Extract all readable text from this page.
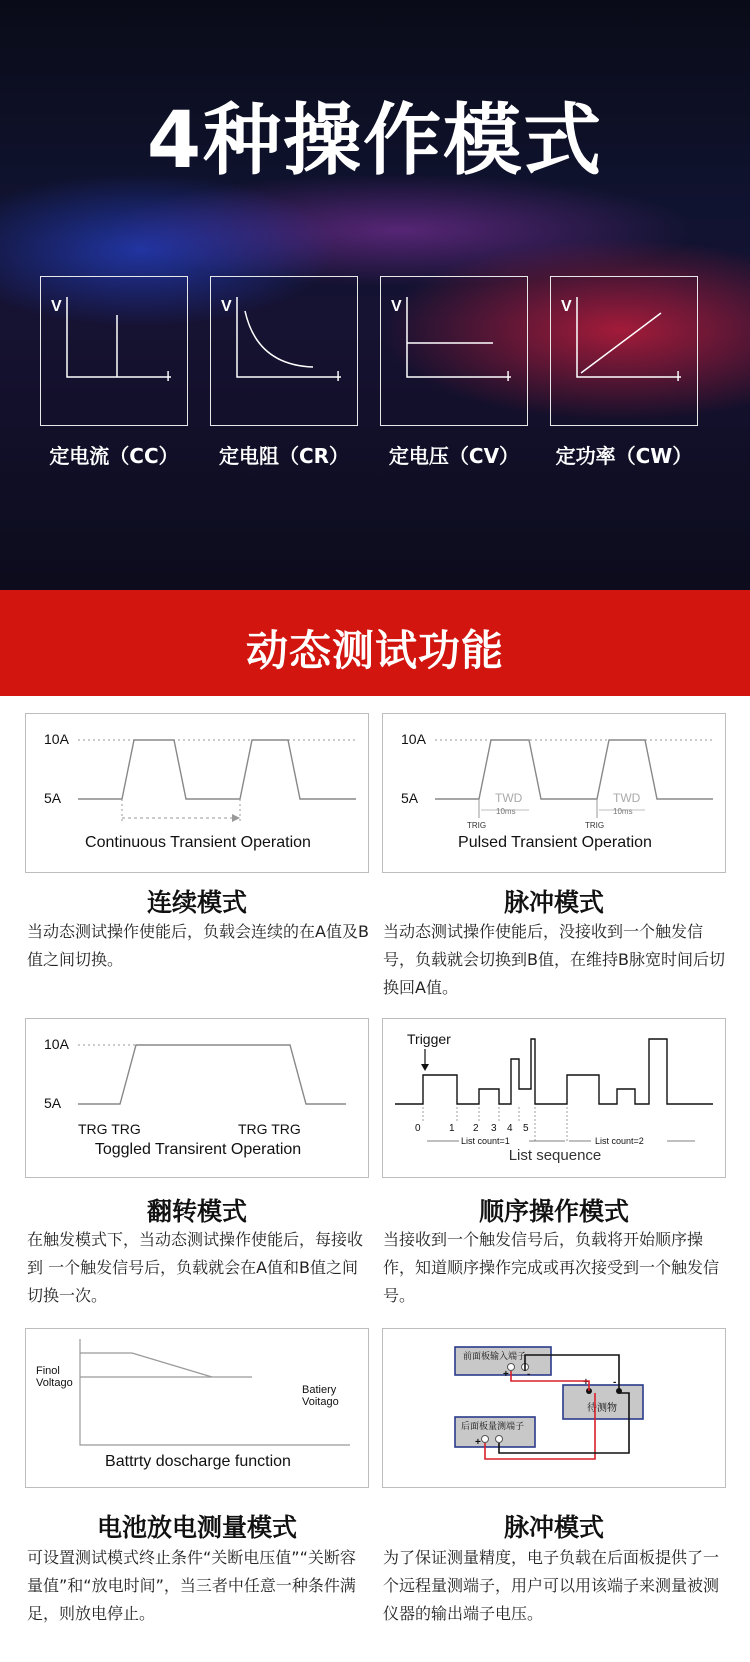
4种操作模式
V
I
定电流（CC）
V
I
定电阻（CR）
V
I
定电压（CV）
V
I
定功率（CW）
动态测试功能
10A
5A
Continuous Transient Operation
连续模式
当动态测试操作使能后，负载会连续的在A值及B值之间切换。
10A
5A	TWD	TWD
10ms	10ms
TRIG	TRIG
Pulsed Transient Operation
脉冲模式
当动态测试操作使能后，没接收到一个触发信号，负载就会切换到B值，在维持B脉宽时间后切换回A值。
10A
5A
TRG TRG	TRG TRG
Toggled Transirent Operation
翻转模式
在触发模式下，当动态测试操作使能后，每接收到 一个触发信号后，负载就会在A值和B值之间切换一次。
Trigger
0	1 2 3 4 5
List count=1	List count=2
List sequence
顺序操作模式
当接收到一个触发信号后，负载将开始顺序操作，知道顺序操作完成或再次接受到一个触发信号。
Finol
Voltago
Batiery
Voitago
Battrty doscharge function
电池放电测量模式
可设置测试模式终止条件“关断电压值”“关断容量值”和“放电时间”，当三者中任意一种条件满足，则放电停止。
前面板输入端子
+ -
待测物
+ -
后面板量测端子
+
脉冲模式
为了保证测量精度，电子负载在后面板提供了一个远程量测端子，用户可以用该端子来测量被测仪器的输出端子电压。
